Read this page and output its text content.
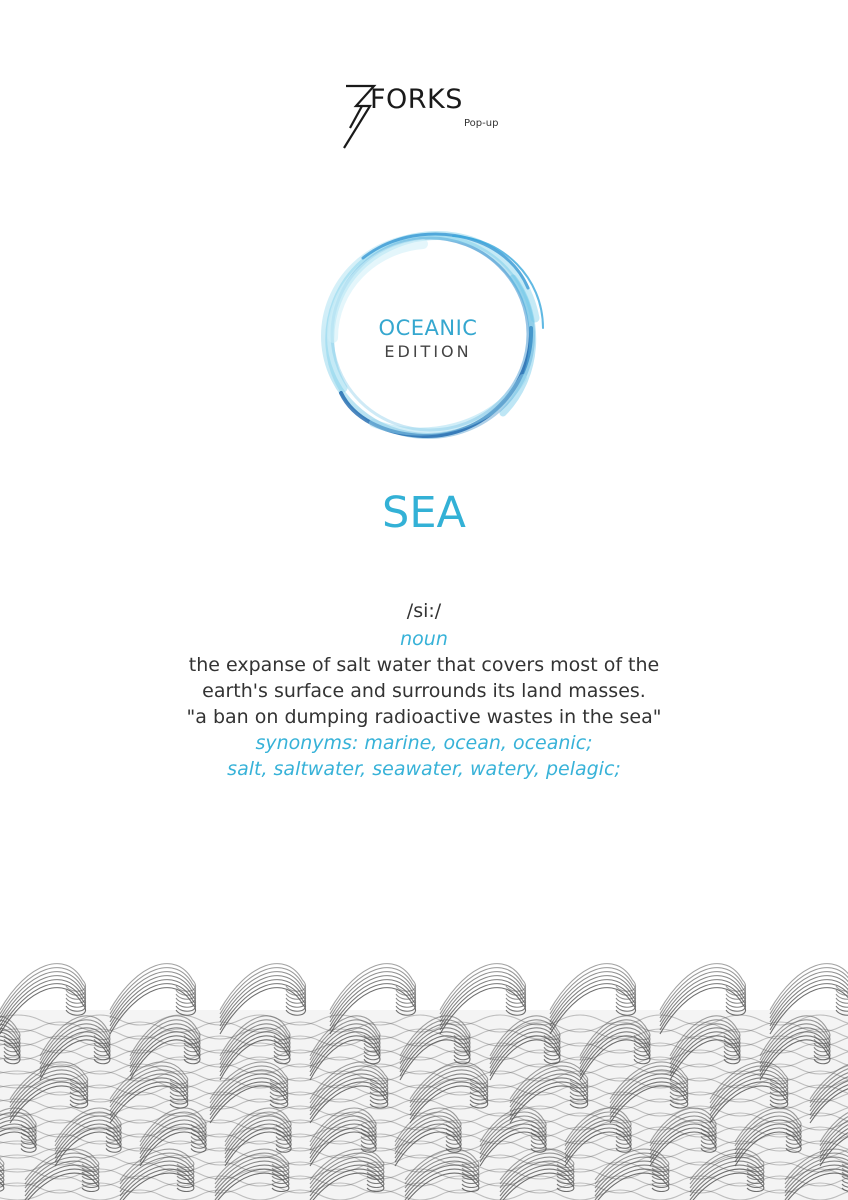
FORKS
Pop-up
OCEANIC
EDITION
SEA
/si:/
noun
the expanse of salt water that covers most of the
earth's surface and surrounds its land masses.
"a ban on dumping radioactive wastes in the sea"
synonyms: marine, ocean, oceanic;
salt, saltwater, seawater, watery, pelagic;
